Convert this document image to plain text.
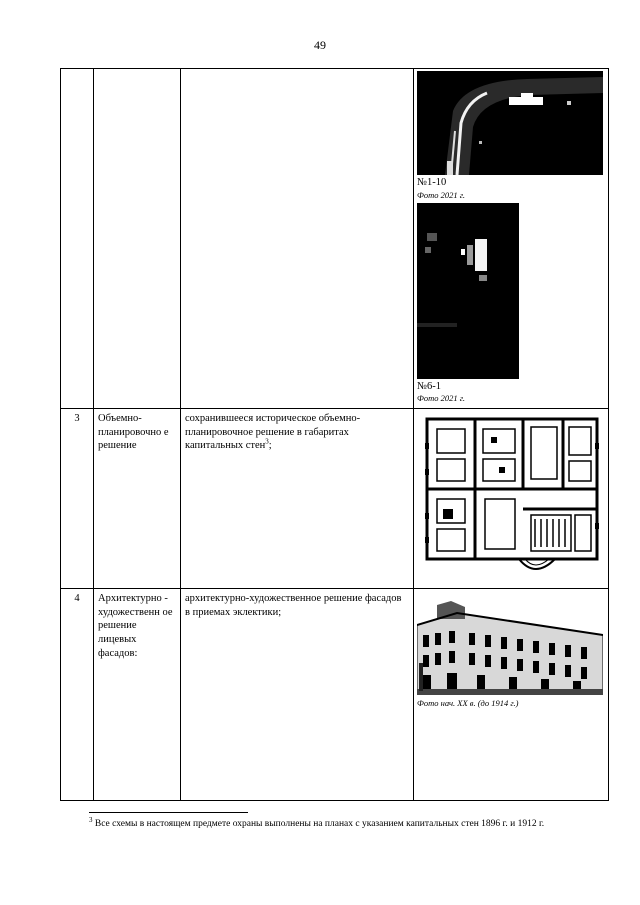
49

			№1-10
Фото 2021 г.
№6-1
Фото 2021 г.

3	Объемно-планировочно е решение	сохранившееся историческое объемно-планировочное решение в габаритах капитальных стен$^3$;	

4	Архитектурно - художественн ое решение лицевых фасадов:	архитектурно-художественное решение фасадов в приемах эклектики;	Фото нач. XX в. (до 1914 г.)
$^3$ Все схемы в настоящем предмете охраны выполнены на планах с указанием капитальных стен 1896 г. и 1912 г.
